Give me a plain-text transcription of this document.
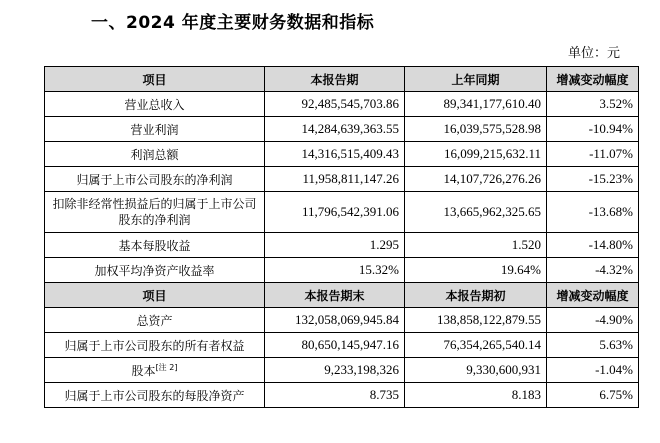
一、2024 年度主要财务数据和指标
单位：元
项目	本报告期	上年同期	增减变动幅度
营业总收入	92,485,545,703.86	89,341,177,610.40	3.52%
营业利润	14,284,639,363.55	16,039,575,528.98	-10.94%
利润总额	14,316,515,409.43	16,099,215,632.11	-11.07%
归属于上市公司股东的净利润	11,958,811,147.26	14,107,726,276.26	-15.23%
扣除非经常性损益后的归属于上市公司股东的净利润	11,796,542,391.06	13,665,962,325.65	-13.68%
基本每股收益	1.295	1.520	-14.80%
加权平均净资产收益率	15.32%	19.64%	-4.32%
项目	本报告期末	本报告期初	增减变动幅度
总资产	132,058,069,945.84	138,858,122,879.55	-4.90%
归属于上市公司股东的所有者权益	80,650,145,947.16	76,354,265,540.14	5.63%
股本[注 2]	9,233,198,326	9,330,600,931	-1.04%
归属于上市公司股东的每股净资产	8.735	8.183	6.75%
